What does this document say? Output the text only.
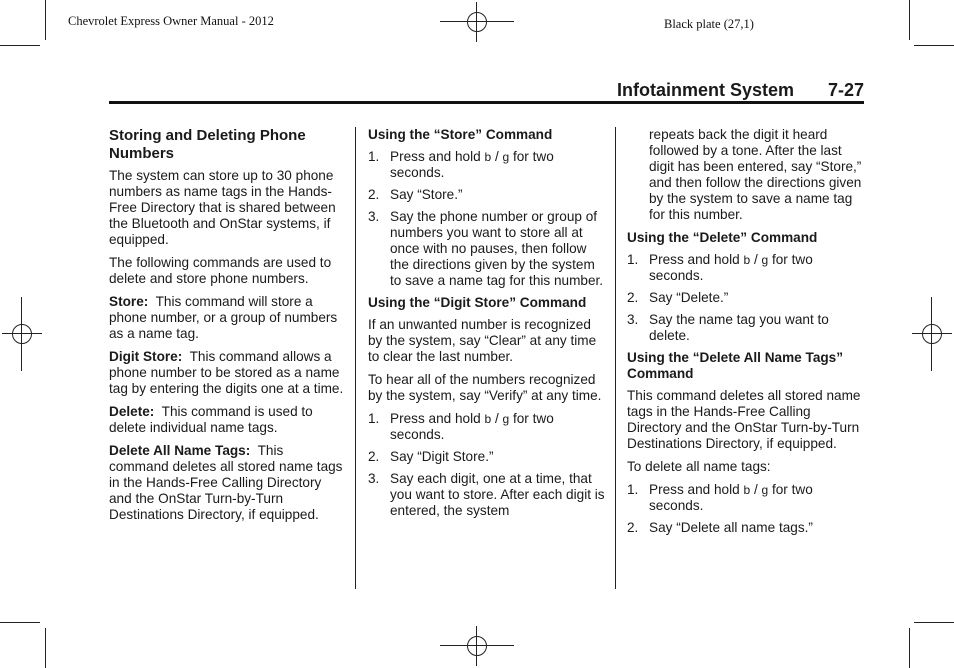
Chevrolet Express Owner Manual - 2012	Black plate (27,1)
Infotainment System 7-27
Storing and Deleting Phone Numbers

The system can store up to 30 phone numbers as name tags in the Hands-Free Directory that is shared between the Bluetooth and OnStar systems, if equipped.

The following commands are used to delete and store phone numbers.

Store: This command will store a phone number, or a group of numbers as a name tag.

Digit Store: This command allows a phone number to be stored as a name tag by entering the digits one at a time.

Delete: This command is used to delete individual name tags.

Delete All Name Tags: This command deletes all stored name tags in the Hands-Free Calling Directory and the OnStar Turn-by-Turn Destinations Directory, if equipped.

Using the “Store” Command
1. Press and hold b / g for two seconds.
2. Say “Store.”
3. Say the phone number or group of numbers you want to store all at once with no pauses, then follow the directions given by the system to save a name tag for this number.
Using the “Digit Store” Command

If an unwanted number is recognized by the system, say “Clear” at any time to clear the last number.

To hear all of the numbers recognized by the system, say “Verify” at any time.

1. Press and hold b / g for two seconds.
2. Say “Digit Store.”
3. Say each digit, one at a time, that you want to store. After each digit is entered, the system

repeats back the digit it heard followed by a tone. After the last digit has been entered, say “Store,” and then follow the directions given by the system to save a name tag for this number.

Using the “Delete” Command
1. Press and hold b / g for two seconds.
2. Say “Delete.”
3. Say the name tag you want to delete.
Using the “Delete All Name Tags” Command

This command deletes all stored name tags in the Hands-Free Calling Directory and the OnStar Turn-by-Turn Destinations Directory, if equipped.

To delete all name tags:

1. Press and hold b / g for two seconds.
2. Say “Delete all name tags.”
